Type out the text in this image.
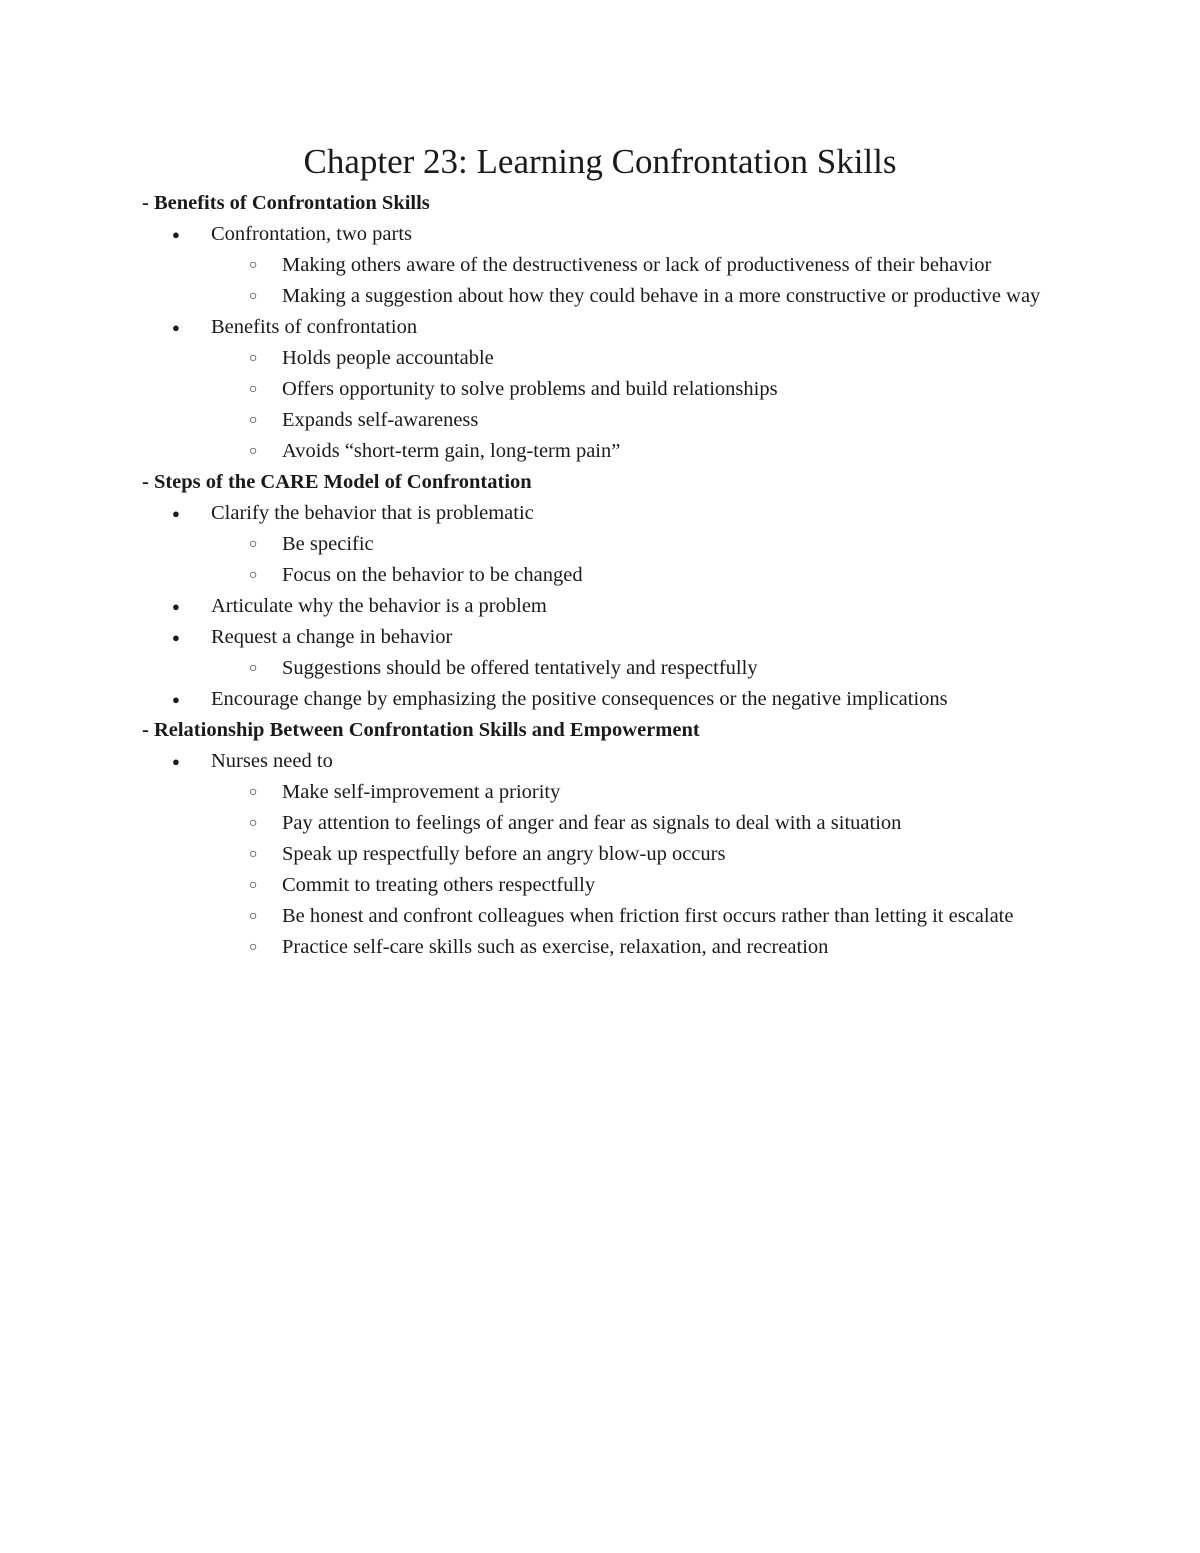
Chapter 23: Learning Confrontation Skills
- Benefits of Confrontation Skills
● Confrontation, two parts
○ Making others aware of the destructiveness or lack of productiveness of their behavior
○ Making a suggestion about how they could behave in a more constructive or productive way
● Benefits of confrontation
○ Holds people accountable
○ Offers opportunity to solve problems and build relationships
○ Expands self-awareness
○ Avoids “short-term gain, long-term pain”
- Steps of the CARE Model of Confrontation
● Clarify the behavior that is problematic
○ Be specific
○ Focus on the behavior to be changed
● Articulate why the behavior is a problem
● Request a change in behavior
○ Suggestions should be offered tentatively and respectfully
● Encourage change by emphasizing the positive consequences or the negative implications
- Relationship Between Confrontation Skills and Empowerment
● Nurses need to
○ Make self-improvement a priority
○ Pay attention to feelings of anger and fear as signals to deal with a situation
○ Speak up respectfully before an angry blow-up occurs
○ Commit to treating others respectfully
○ Be honest and confront colleagues when friction first occurs rather than letting it escalate
○ Practice self-care skills such as exercise, relaxation, and recreation
